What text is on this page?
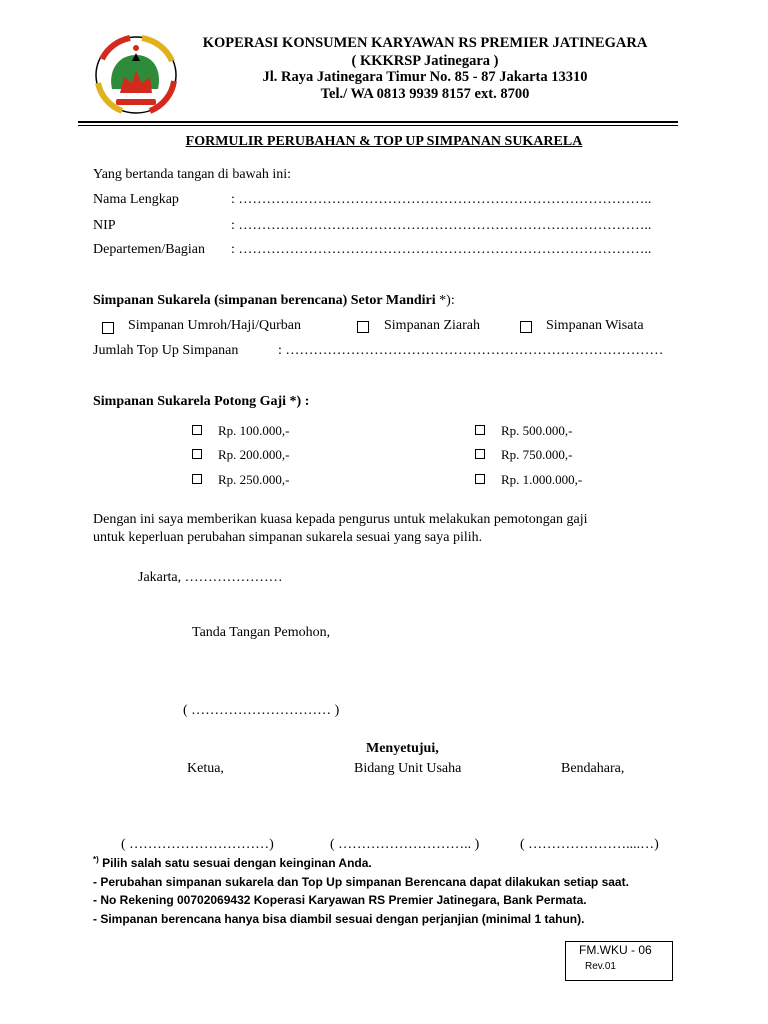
KOPERASI KONSUMEN KARYAWAN RS PREMIER JATINEGARA
( KKKRSP Jatinegara )
Jl. Raya Jatinegara Timur No. 85 - 87 Jakarta 13310
Tel./ WA 0813 9939 8157 ext. 8700
FORMULIR PERUBAHAN & TOP UP SIMPANAN SUKARELA
Yang bertanda tangan di bawah ini:
Nama Lengkap	: ……………………………………………………………………………..
NIP	: ……………………………………………………………………………..
Departemen/Bagian : ……………………………………………………………………………..
Simpanan Sukarela (simpanan berencana) Setor Mandiri *):
Simpanan Umroh/Haji/Qurban	Simpanan Ziarah	Simpanan Wisata
Jumlah Top Up Simpanan	: ………………………………………………………………………
Simpanan Sukarela Potong Gaji *) :
Rp. 100.000,-
Rp. 200.000,-
Rp. 250.000,-
Rp. 500.000,-
Rp. 750.000,-
Rp. 1.000.000,-
Dengan ini saya memberikan kuasa kepada pengurus untuk melakukan pemotongan gaji
untuk keperluan perubahan simpanan sukarela sesuai yang saya pilih.
Jakarta, …………………
Tanda Tangan Pemohon,
( ………………………… )
Menyetujui,
Ketua,	Bidang Unit Usaha	Bendahara,
( …………………………)	( ……………………….. )	( …………………....…)
*) Pilih salah satu sesuai dengan keinginan Anda.
- Perubahan simpanan sukarela dan Top Up simpanan Berencana dapat dilakukan setiap saat.
- No Rekening 00702069432 Koperasi Karyawan RS Premier Jatinegara, Bank Permata.
- Simpanan berencana hanya bisa diambil sesuai dengan perjanjian (minimal 1 tahun).
FM.WKU - 06
Rev.01
